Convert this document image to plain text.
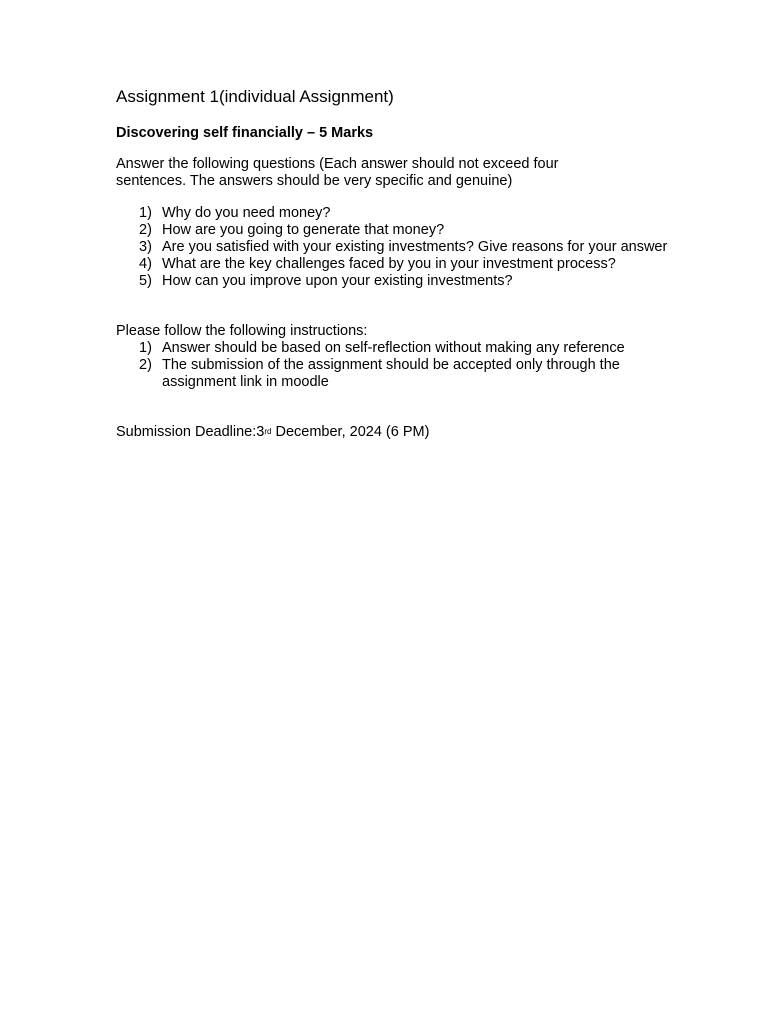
Assignment 1(individual Assignment)
Discovering self financially – 5 Marks
Answer the following questions (Each answer should not exceed four sentences. The answers should be very specific and genuine)
1) Why do you need money?
2) How are you going to generate that money?
3) Are you satisfied with your existing investments? Give reasons for your answer
4) What are the key challenges faced by you in your investment process?
5) How can you improve upon your existing investments?
Please follow the following instructions:
1) Answer should be based on self-reflection without making any reference
2) The submission of the assignment should be accepted only through the assignment link in moodle
Submission Deadline:3rd December, 2024 (6 PM)
